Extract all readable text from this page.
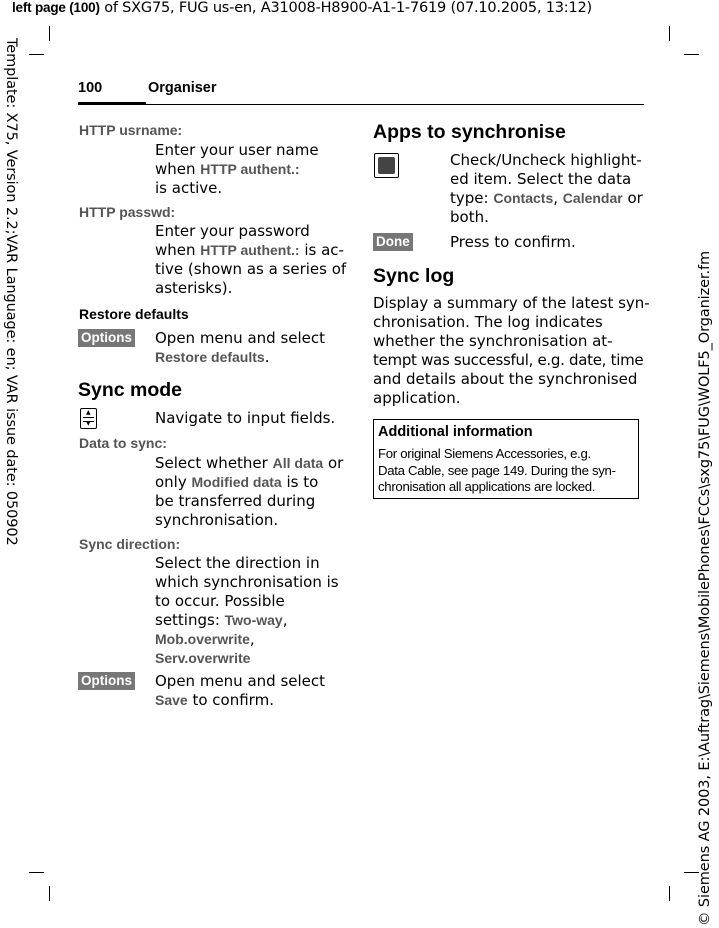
left page (100) of SXG75, FUG us-en, A31008-H8900-A1-1-7619 (07.10.2005, 13:12)
Template: X75, Version 2.2;VAR Language: en; VAR issue date: 050902	© Siemens AG 2003, E:\Auftrag\Siemens\MobilePhones\FCCs\sxg75\FUG\WOLF5_Organizer.fm
100	Organiser
HTTP usrname:
Enter your user name
when HTTP authent.:
is active.
HTTP passwd:
Enter your password
when HTTP authent.: is ac-
tive (shown as a series of
asterisks).
Restore defaults
Options Open menu and select
Restore defaults.
Sync mode
▲
▼	Navigate to input fields.
Data to sync:
Select whether All data or
only Modified data is to
be transferred during
synchronisation.
Sync direction:
Select the direction in
which synchronisation is
to occur. Possible
settings: Two-way,
Mob.overwrite,
Serv.overwrite
Options Open menu and select
Save to confirm.
Apps to synchronise
Check/Uncheck highlight-
ed item. Select the data
type: Contacts, Calendar or
both.
Done	Press to confirm.
Sync log
Display a summary of the latest syn-
chronisation. The log indicates
whether the synchronisation at-
tempt was successful, e.g. date, time
and details about the synchronised
application.
Additional information
For original Siemens Accessories, e.g.
Data Cable, see page 149. During the syn-
chronisation all applications are locked.
